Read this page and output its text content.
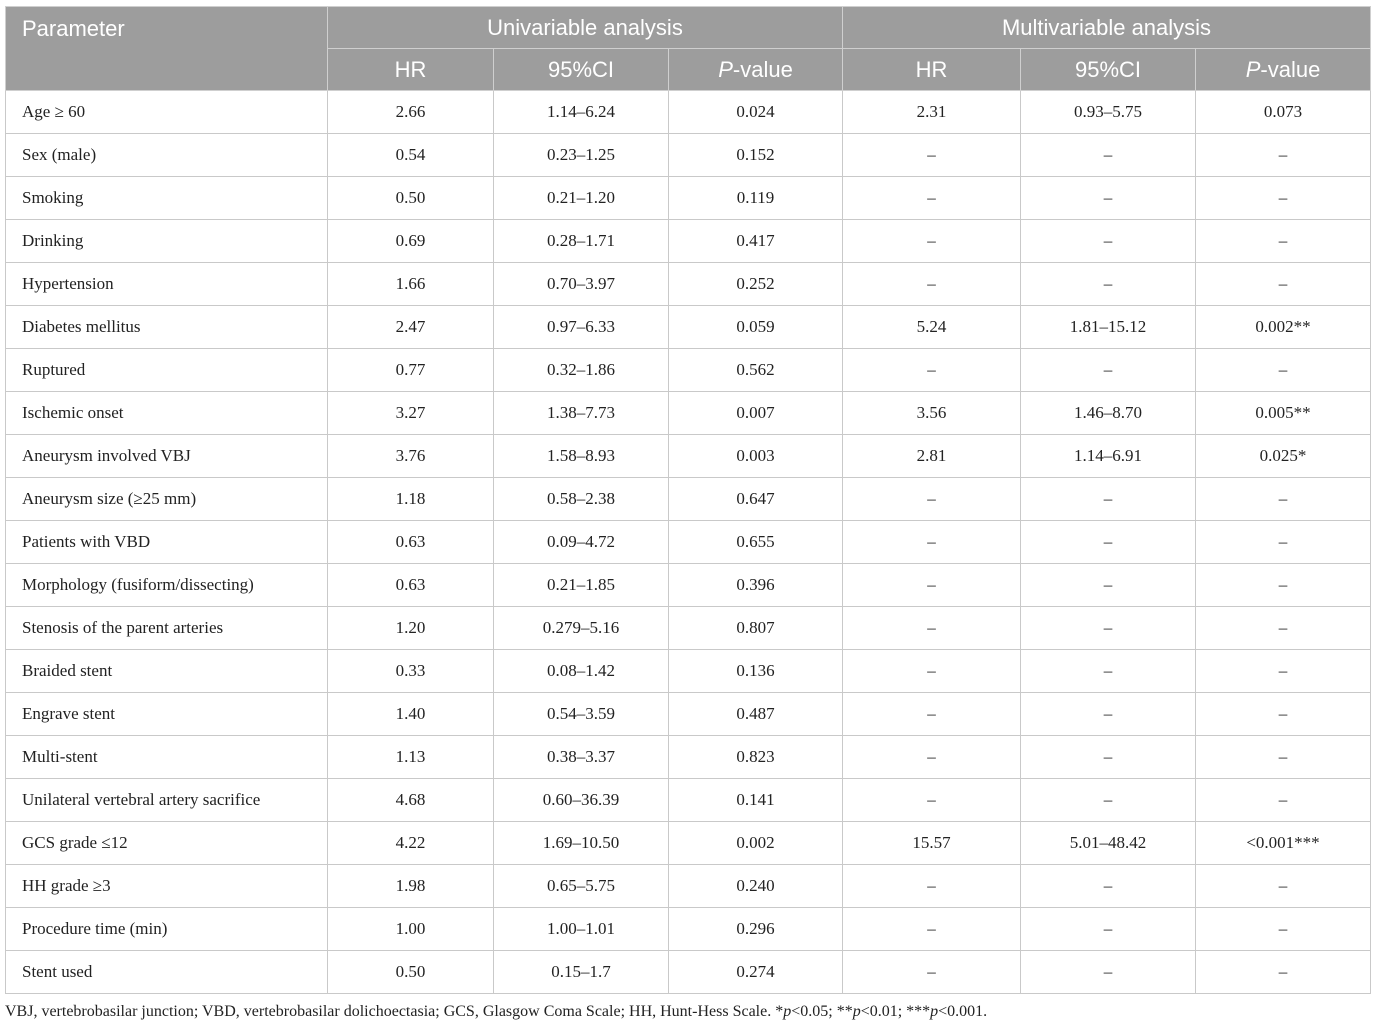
Parameter	Univariable analysis			Multivariable analysis		
	HR	95%CI	P-value	HR	95%CI	P-value
Age ≥ 60	2.66	1.14–6.24	0.024	2.31	0.93–5.75	0.073
Sex (male)	0.54	0.23–1.25	0.152	–	–	–
Smoking	0.50	0.21–1.20	0.119	–	–	–
Drinking	0.69	0.28–1.71	0.417	–	–	–
Hypertension	1.66	0.70–3.97	0.252	–	–	–
Diabetes mellitus	2.47	0.97–6.33	0.059	5.24	1.81–15.12	0.002**
Ruptured	0.77	0.32–1.86	0.562	–	–	–
Ischemic onset	3.27	1.38–7.73	0.007	3.56	1.46–8.70	0.005**
Aneurysm involved VBJ	3.76	1.58–8.93	0.003	2.81	1.14–6.91	0.025*
Aneurysm size (≥25 mm)	1.18	0.58–2.38	0.647	–	–	–
Patients with VBD	0.63	0.09–4.72	0.655	–	–	–
Morphology (fusiform/dissecting)	0.63	0.21–1.85	0.396	–	–	–
Stenosis of the parent arteries	1.20	0.279–5.16	0.807	–	–	–
Braided stent	0.33	0.08–1.42	0.136	–	–	–
Engrave stent	1.40	0.54–3.59	0.487	–	–	–
Multi-stent	1.13	0.38–3.37	0.823	–	–	–
Unilateral vertebral artery sacrifice	4.68	0.60–36.39	0.141	–	–	–
GCS grade ≤12	4.22	1.69–10.50	0.002	15.57	5.01–48.42	<0.001***
HH grade ≥3	1.98	0.65–5.75	0.240	–	–	–
Procedure time (min)	1.00	1.00–1.01	0.296	–	–	–
Stent used	0.50	0.15–1.7	0.274	–	–	–
VBJ, vertebrobasilar junction; VBD, vertebrobasilar dolichoectasia; GCS, Glasgow Coma Scale; HH, Hunt-Hess Scale. *p<0.05; **p<0.01; ***p<0.001.
